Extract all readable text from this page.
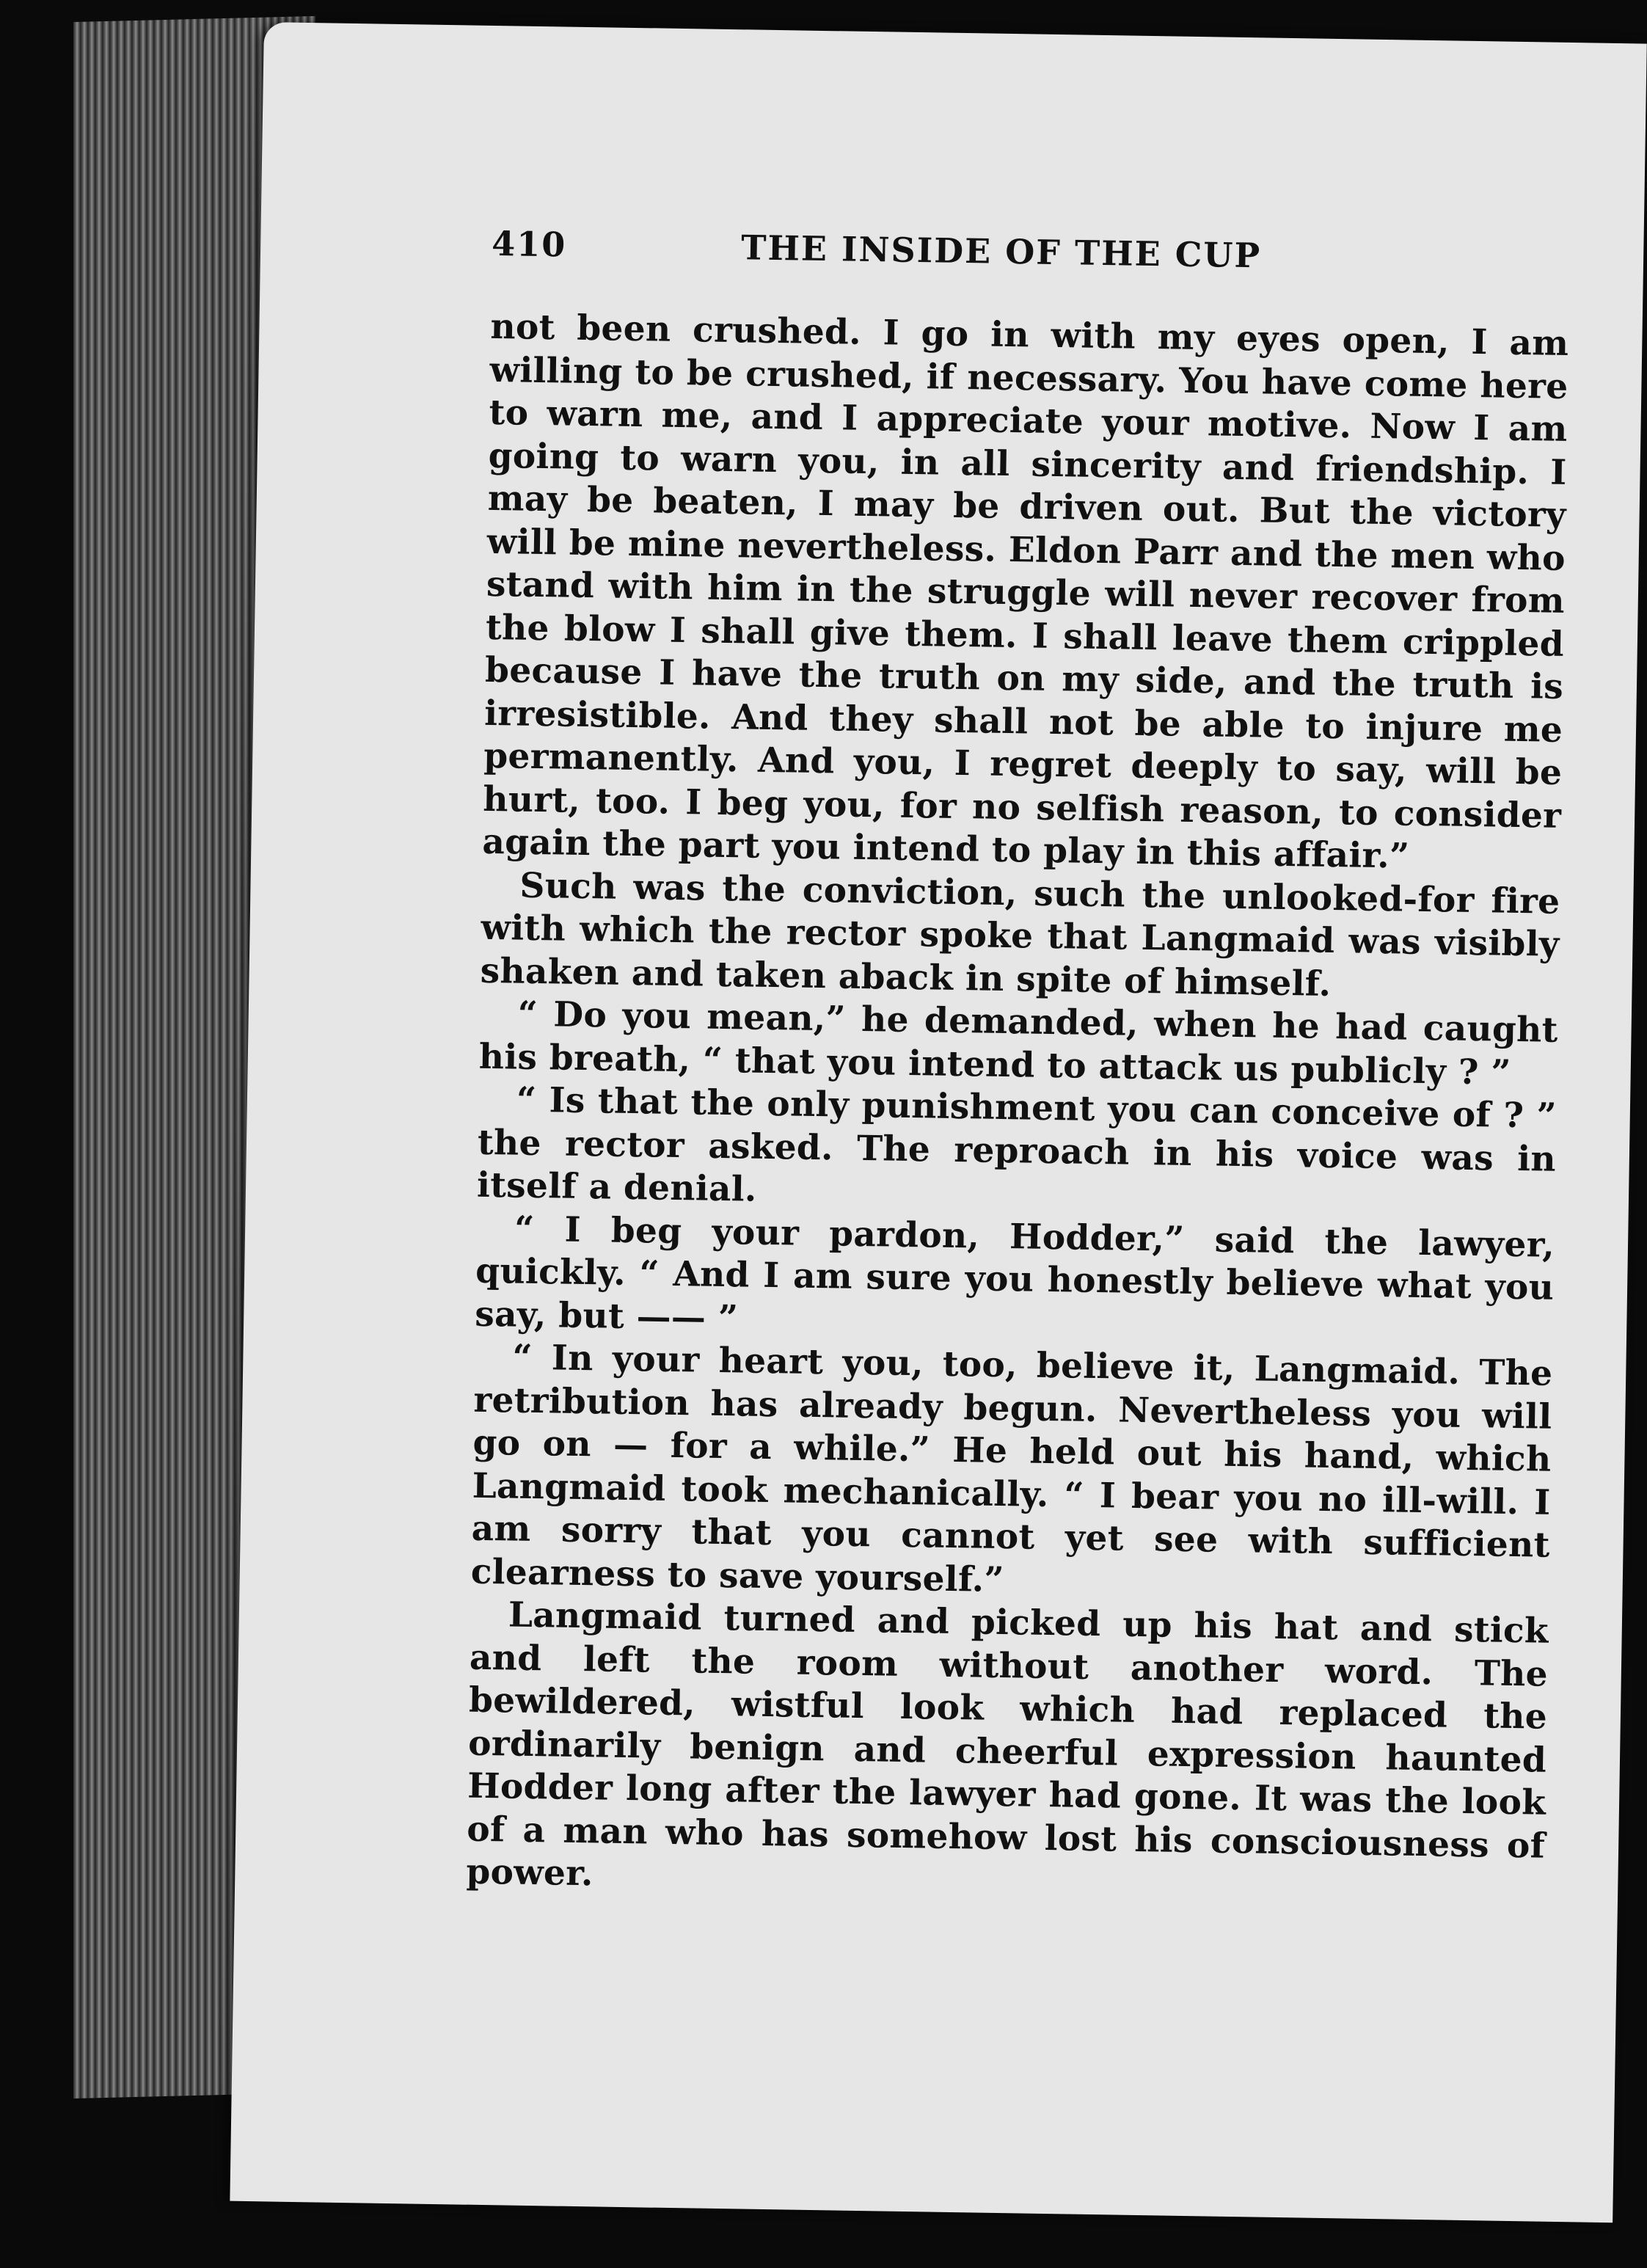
410	THE INSIDE OF THE CUP

not been crushed. I go in with my eyes open, I am willing to be crushed, if necessary. You have come here to warn me, and I appreciate your motive. Now I am going to warn you, in all sincerity and friendship. I may be beaten, I may be driven out. But the victory will be mine nevertheless. Eldon Parr and the men who stand with him in the struggle will never recover from the blow I shall give them. I shall leave them crippled because I have the truth on my side, and the truth is irresistible. And they shall not be able to injure me permanently. And you, I regret deeply to say, will be hurt, too. I beg you, for no selfish reason, to consider again the part you intend to play in this affair.”

Such was the conviction, such the unlooked-for fire with which the rector spoke that Langmaid was visibly shaken and taken aback in spite of himself.

“ Do you mean,” he demanded, when he had caught his breath, “ that you intend to attack us publicly ? ”

“ Is that the only punishment you can conceive of ? ” the rector asked. The reproach in his voice was in itself a denial.

“ I beg your pardon, Hodder,” said the lawyer, quickly. “ And I am sure you honestly believe what you say, but —— ”

“ In your heart you, too, believe it, Langmaid. The retribution has already begun. Nevertheless you will go on — for a while.” He held out his hand, which Langmaid took mechanically. “ I bear you no ill-will. I am sorry that you cannot yet see with sufficient clearness to save yourself.”

Langmaid turned and picked up his hat and stick and left the room without another word. The bewildered, wistful look which had replaced the ordinarily benign and cheerful expression haunted Hodder long after the lawyer had gone. It was the look of a man who has somehow lost his consciousness of power.
